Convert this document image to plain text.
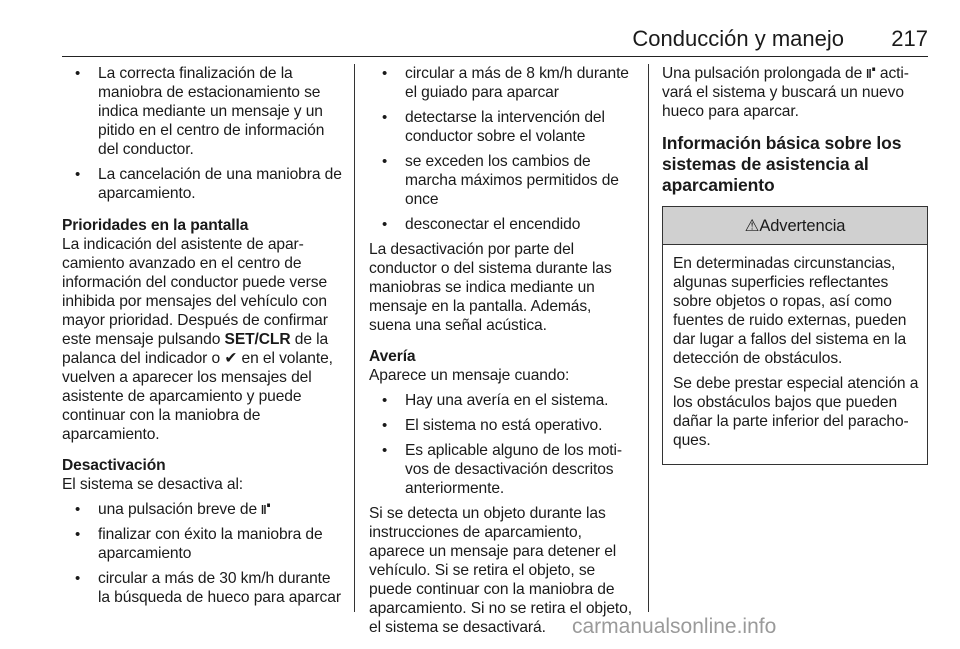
Conducción y manejo	217
• La correcta finalización de la maniobra de estacionamiento se indica mediante un mensaje y un pitido en el centro de información del conductor.
• La cancelación de una maniobra de aparcamiento.
Prioridades en la pantalla
La indicación del asistente de apar‐ camiento avanzado en el centro de información del conductor puede verse inhibida por mensajes del vehículo con mayor prioridad. Después de confirmar este mensaje pulsando SET/CLR de la palanca del indicador o ✔ en el volante, vuelven a aparecer los mensajes del asistente de aparcamiento y puede continuar con la maniobra de aparcamiento.
Desactivación
El sistema se desactiva al:
• una pulsación breve de ⑈
• finalizar con éxito la maniobra de aparcamiento
• circular a más de 30 km/h durante la búsqueda de hueco para aparcar
• circular a más de 8 km/h durante el guiado para aparcar
• detectarse la intervención del conductor sobre el volante
• se exceden los cambios de marcha máximos permitidos de once
• desconectar el encendido
La desactivación por parte del conductor o del sistema durante las maniobras se indica mediante un mensaje en la pantalla. Además, suena una señal acústica.
Avería
Aparece un mensaje cuando:
• Hay una avería en el sistema.
• El sistema no está operativo.
• Es aplicable alguno de los moti‐ vos de desactivación descritos anteriormente.
Si se detecta un objeto durante las instrucciones de aparcamiento, aparece un mensaje para detener el vehículo. Si se retira el objeto, se puede continuar con la maniobra de aparcamiento. Si no se retira el objeto, el sistema se desactivará.
Una pulsación prolongada de ⑈ acti‐ vará el sistema y buscará un nuevo hueco para aparcar.
Información básica sobre los sistemas de asistencia al aparcamiento
⚠Advertencia
En determinadas circunstancias, algunas superficies reflectantes sobre objetos o ropas, así como fuentes de ruido externas, pueden dar lugar a fallos del sistema en la detección de obstáculos.
Se debe prestar especial atención a los obstáculos bajos que pueden dañar la parte inferior del paracho‐ ques.
carmanualsonline.info
